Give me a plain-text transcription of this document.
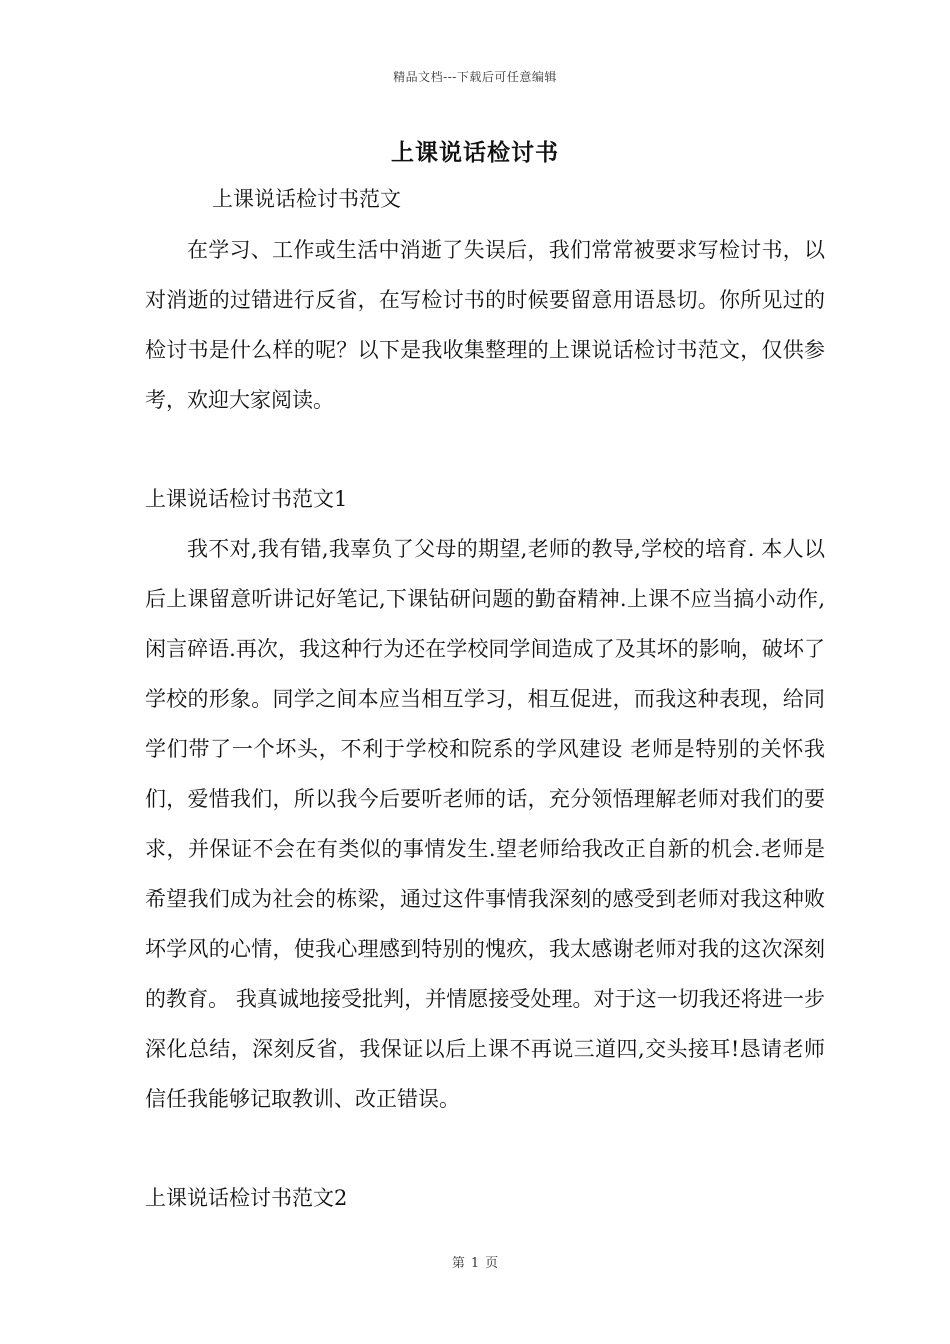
精品文档---下载后可任意编辑
上课说话检讨书
上课说话检讨书范文

在学习、工作或生活中消逝了失误后，我们常常被要求写检讨书，以对消逝的过错进行反省，在写检讨书的时候要留意用语恳切。你所见过的检讨书是什么样的呢？以下是我收集整理的上课说话检讨书范文，仅供参考，欢迎大家阅读。

上课说话检讨书范文1

我不对,我有错,我辜负了父母的期望,老师的教导,学校的培育. 本人以后上课留意听讲记好笔记,下课钻研问题的勤奋精神.上课不应当搞小动作,闲言碎语.再次，我这种行为还在学校同学间造成了及其坏的影响，破坏了学校的形象。同学之间本应当相互学习，相互促进，而我这种表现，给同学们带了一个坏头，不利于学校和院系的学风建设 老师是特别的关怀我们，爱惜我们，所以我今后要听老师的话，充分领悟理解老师对我们的要求，并保证不会在有类似的事情发生.望老师给我改正自新的机会.老师是希望我们成为社会的栋梁，通过这件事情我深刻的感受到老师对我这种败坏学风的心情，使我心理感到特别的愧疚，我太感谢老师对我的这次深刻的教育。 我真诚地接受批判，并情愿接受处理。对于这一切我还将进一步深化总结，深刻反省，我保证以后上课不再说三道四,交头接耳!恳请老师信任我能够记取教训、改正错误。

上课说话检讨书范文2
第 1 页
